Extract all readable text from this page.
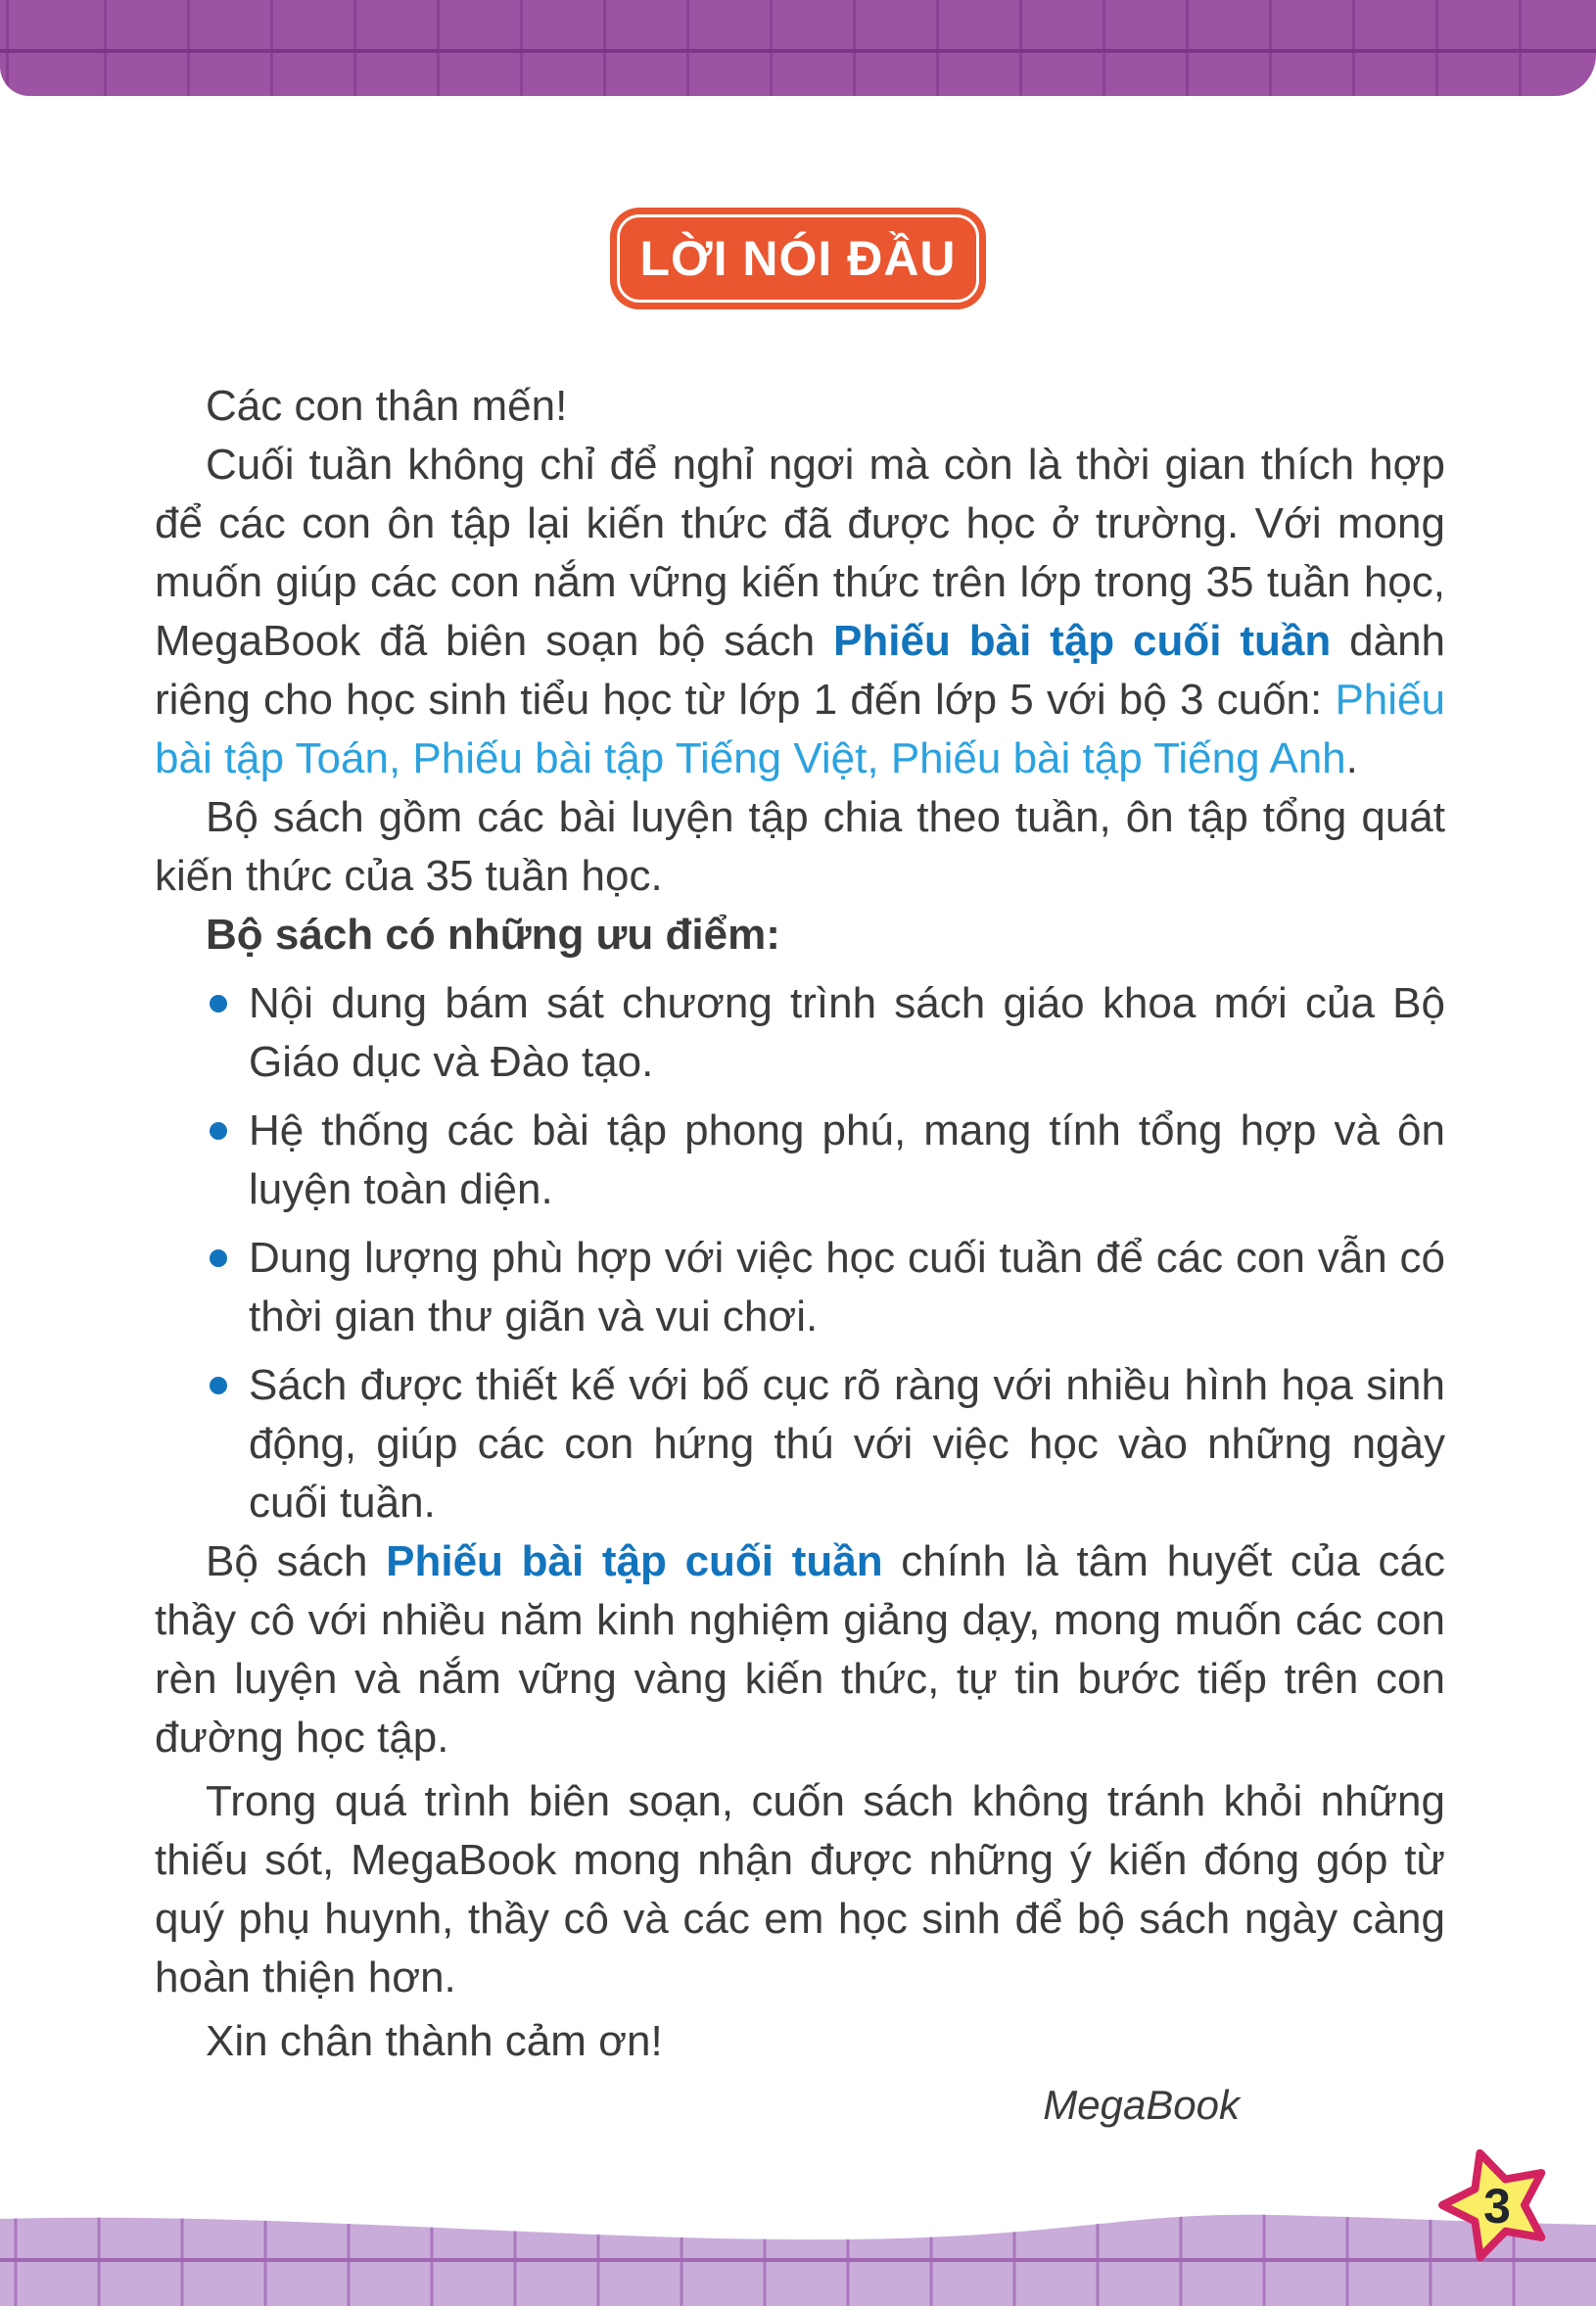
LỜI NÓI ĐẦU
Các con thân mến!
Cuối tuần không chỉ để nghỉ ngơi mà còn là thời gian thích hợp để các con ôn tập lại kiến thức đã được học ở trường. Với mong muốn giúp các con nắm vững kiến thức trên lớp trong 35 tuần học, MegaBook đã biên soạn bộ sách Phiếu bài tập cuối tuần dành riêng cho học sinh tiểu học từ lớp 1 đến lớp 5 với bộ 3 cuốn: Phiếu bài tập Toán, Phiếu bài tập Tiếng Việt, Phiếu bài tập Tiếng Anh.
Bộ sách gồm các bài luyện tập chia theo tuần, ôn tập tổng quát kiến thức của 35 tuần học.
Bộ sách có những ưu điểm:
Nội dung bám sát chương trình sách giáo khoa mới của Bộ Giáo dục và Đào tạo.
Hệ thống các bài tập phong phú, mang tính tổng hợp và ôn luyện toàn diện.
Dung lượng phù hợp với việc học cuối tuần để các con vẫn có thời gian thư giãn và vui chơi.
Sách được thiết kế với bố cục rõ ràng với nhiều hình họa sinh động, giúp các con hứng thú với việc học vào những ngày cuối tuần.
Bộ sách Phiếu bài tập cuối tuần chính là tâm huyết của các thầy cô với nhiều năm kinh nghiệm giảng dạy, mong muốn các con rèn luyện và nắm vững vàng kiến thức, tự tin bước tiếp trên con đường học tập.
Trong quá trình biên soạn, cuốn sách không tránh khỏi những thiếu sót, MegaBook mong nhận được những ý kiến đóng góp từ quý phụ huynh, thầy cô và các em học sinh để bộ sách ngày càng hoàn thiện hơn.
Xin chân thành cảm ơn!
MegaBook
3
